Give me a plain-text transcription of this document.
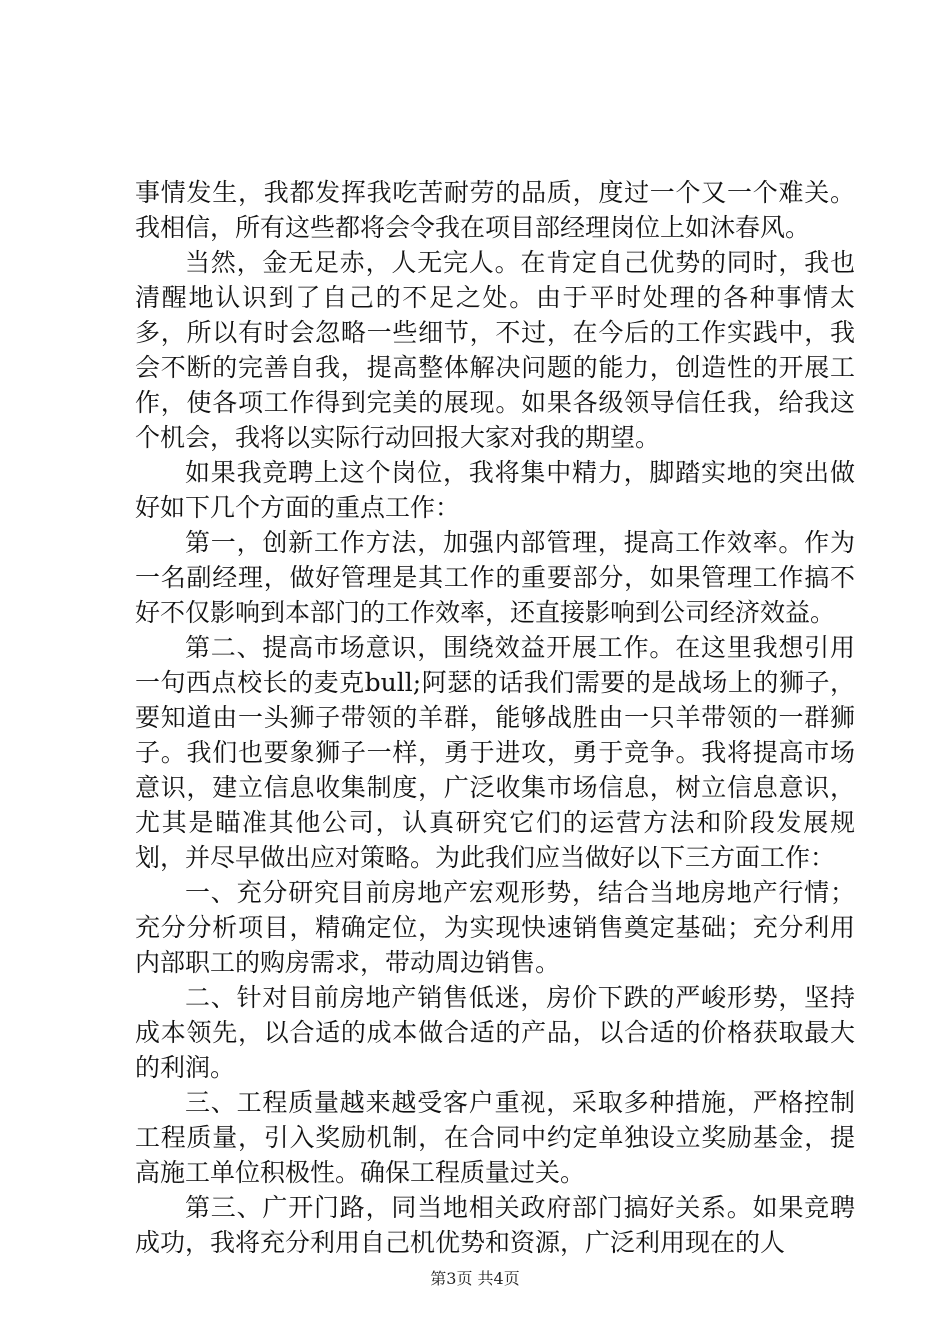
事情发生，我都发挥我吃苦耐劳的品质，度过一个又一个难关。我相信，所有这些都将会令我在项目部经理岗位上如沐春风。

当然，金无足赤，人无完人。在肯定自己优势的同时，我也清醒地认识到了自己的不足之处。由于平时处理的各种事情太多，所以有时会忽略一些细节，不过，在今后的工作实践中，我会不断的完善自我，提高整体解决问题的能力，创造性的开展工作，使各项工作得到完美的展现。如果各级领导信任我，给我这个机会，我将以实际行动回报大家对我的期望。

如果我竞聘上这个岗位，我将集中精力，脚踏实地的突出做好如下几个方面的重点工作：

第一，创新工作方法，加强内部管理，提高工作效率。作为一名副经理，做好管理是其工作的重要部分，如果管理工作搞不好不仅影响到本部门的工作效率，还直接影响到公司经济效益。

第二、提高市场意识，围绕效益开展工作。在这里我想引用一句西点校长的麦克bull;阿瑟的话我们需要的是战场上的狮子，要知道由一头狮子带领的羊群，能够战胜由一只羊带领的一群狮子。我们也要象狮子一样，勇于进攻，勇于竞争。我将提高市场意识，建立信息收集制度，广泛收集市场信息，树立信息意识，尤其是瞄准其他公司，认真研究它们的运营方法和阶段发展规划，并尽早做出应对策略。为此我们应当做好以下三方面工作：

一、充分研究目前房地产宏观形势，结合当地房地产行情；充分分析项目，精确定位，为实现快速销售奠定基础；充分利用内部职工的购房需求，带动周边销售。

二、针对目前房地产销售低迷，房价下跌的严峻形势，坚持成本领先，以合适的成本做合适的产品，以合适的价格获取最大的利润。

三、工程质量越来越受客户重视，采取多种措施，严格控制工程质量，引入奖励机制，在合同中约定单独设立奖励基金，提高施工单位积极性。确保工程质量过关。

第三、广开门路，同当地相关政府部门搞好关系。如果竞聘成功，我将充分利用自己机优势和资源，广泛利用现在的人

第3页 共4页
